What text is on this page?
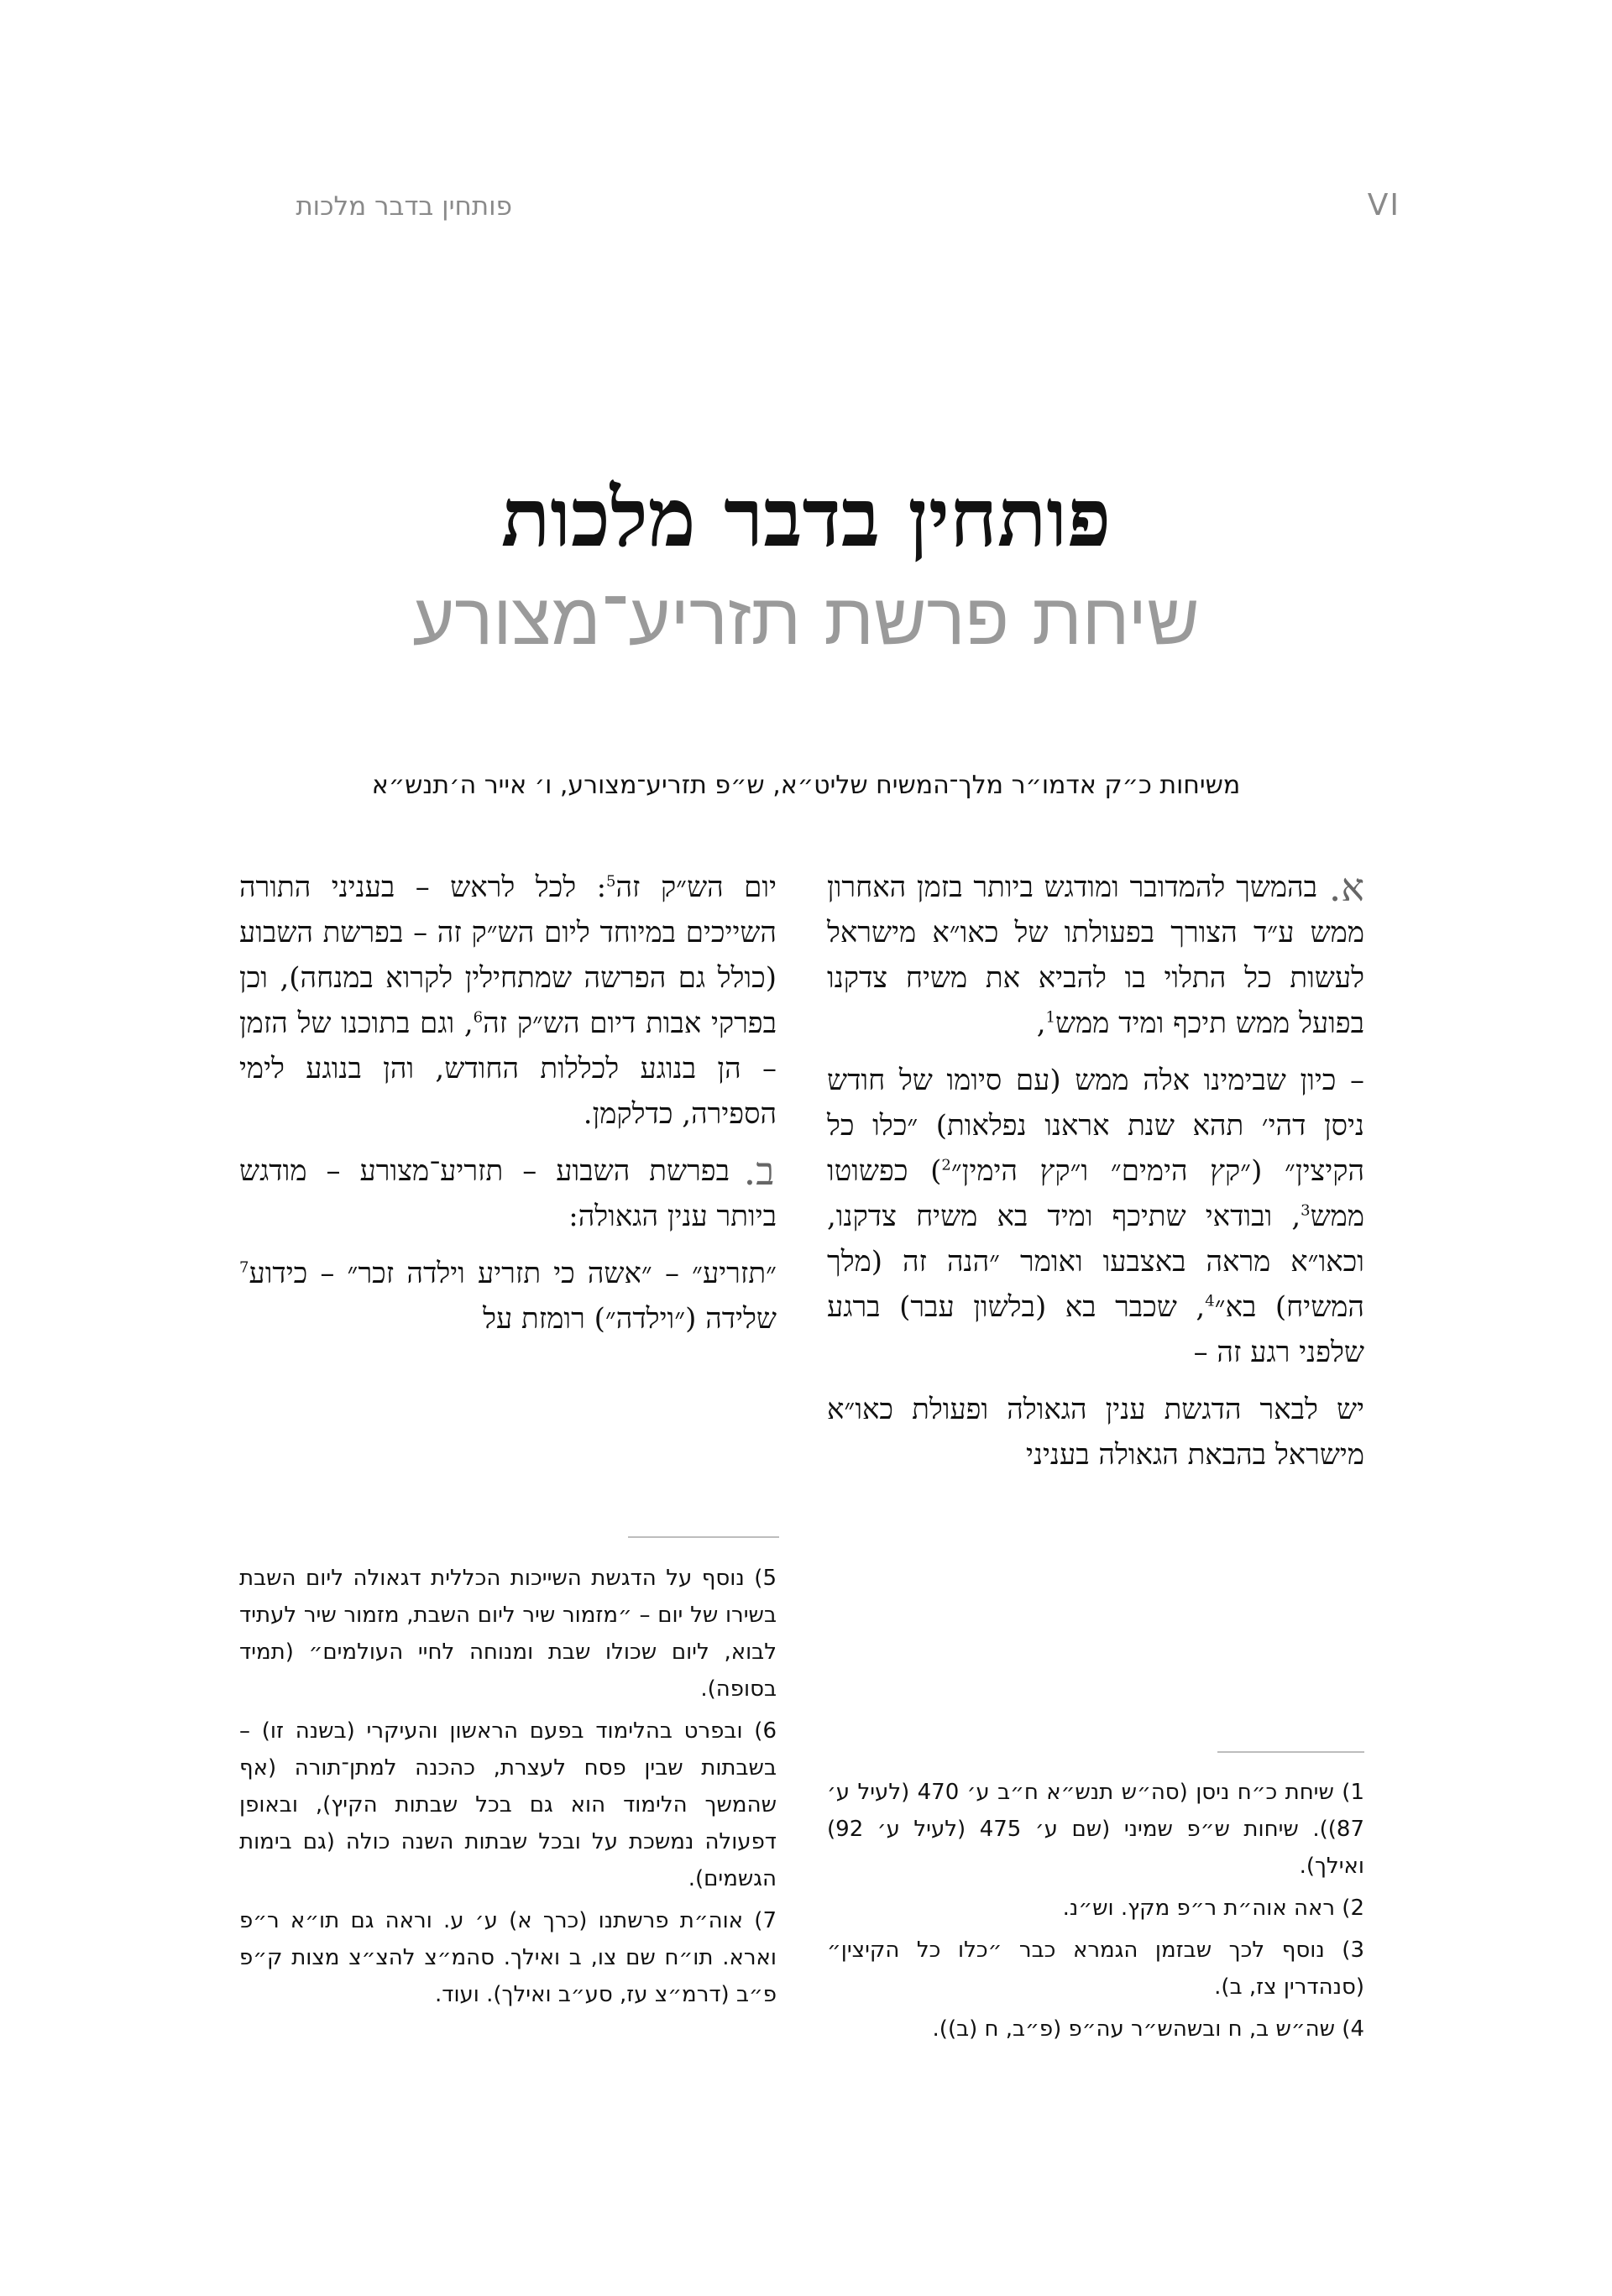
פותחין בדבר מלכות	VI
פותחין בדבר מלכות
שיחת פרשת תזריע־מצורע
משיחות כ״ק אדמו״ר מלך־המשיח שליט״א, ש״פ תזריע־מצורע, ו׳ אייר ה׳תנש״א

א.
בהמשך להמדובר ומודגש ביותר בזמן האחרון ממש ע״ד הצורך בפעולתו של כאו״א מישראל לעשות כל התלוי בו להביא את משיח צדקנו בפועל ממש תיכף ומיד ממש$^1$,

– כיון שבימינו אלה ממש (עם סיומו של חודש ניסן דהי׳ תהא שנת אראנו נפלאות) ״כלו כל הקיצין״ (״קץ הימים״ ו״קץ הימין״$^2$) כפשוטו ממש$^3$, ובודאי שתיכף ומיד בא משיח צדקנו, וכאו״א מראה באצבעו ואומר ״הנה זה (מלך המשיח) בא״$^4$, שכבר בא (בלשון עבר) ברגע שלפני רגע זה –

יש לבאר הדגשת ענין הגאולה ופעולת כאו״א מישראל בהבאת הגאולה בעניני

יום הש״ק זה$^5$: לכל לראש – בעניני התורה השייכים במיוחד ליום הש״ק זה – בפרשת השבוע (כולל גם הפרשה שמתחילין לקרוא במנחה), וכן בפרקי אבות דיום הש״ק זה$^6$, וגם בתוכנו של הזמן – הן בנוגע לכללות החודש, והן בנוגע לימי הספירה, כדלקמן.

ב.
בפרשת השבוע – תזריע־מצורע – מודגש ביותר ענין הגאולה:

״תזריע״ – ״אשה כי תזריע וילדה זכר״ – כידוע$^7$ שלידה (״וילדה״) רומזת על

5) נוסף על הדגשת השייכות הכללית דגאולה ליום השבת בשירו של יום – ״מזמור שיר ליום השבת, מזמור שיר לעתיד לבוא, ליום שכולו שבת ומנוחה לחיי העולמים״ (תמיד בסופה).

6) ובפרט בהלימוד בפעם הראשון והעיקרי (בשנה זו) – בשבתות שבין פסח לעצרת, כהכנה למתן־תורה (אף שהמשך הלימוד הוא גם בכל שבתות הקיץ), ובאופן דפעולה נמשכת על ובכל שבתות השנה כולה (גם בימות הגשמים).

7) אוה״ת פרשתנו (כרך א) ע׳ ע. וראה גם תו״א ר״פ וארא. תו״ח שם צו, ב ואילך. סהמ״צ להצ״צ מצות ק״פ פ״ב (דרמ״צ עז, סע״ב ואילך). ועוד.

1) שיחת כ״ח ניסן (סה״ש תנש״א ח״ב ע׳ 470 (לעיל ע׳ 87)). שיחות ש״פ שמיני (שם ע׳ 475 (לעיל ע׳ 92) ואילך).

2) ראה אוה״ת ר״פ מקץ. וש״נ.

3) נוסף לכך שבזמן הגמרא כבר ״כלו כל הקיצין״ (סנהדרין צז, ב).

4) שה״ש ב, ח ובשהש״ר עה״פ (פ״ב, ח (ב)).
